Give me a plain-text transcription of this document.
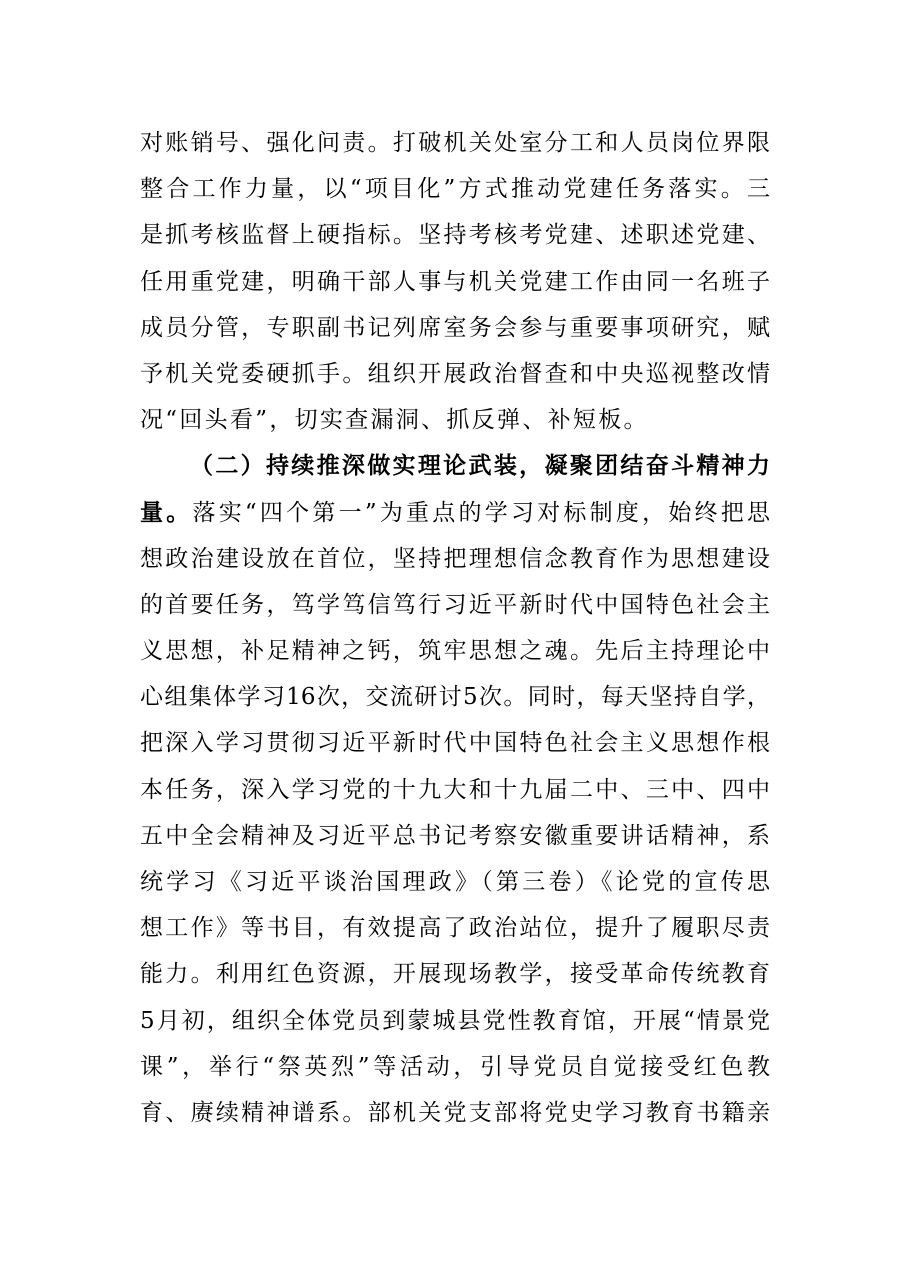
对账销号、强化问责。打破机关处室分工和人员岗位界限
整合工作力量，以“项目化”方式推动党建任务落实。三
是抓考核监督上硬指标。坚持考核考党建、述职述党建、
任用重党建，明确干部人事与机关党建工作由同一名班子
成员分管，专职副书记列席室务会参与重要事项研究，赋
予机关党委硬抓手。组织开展政治督查和中央巡视整改情
况“回头看”，切实查漏洞、抓反弹、补短板。
（二）持续推深做实理论武装，凝聚团结奋斗精神力
量。落实“四个第一”为重点的学习对标制度，始终把思
想政治建设放在首位，坚持把理想信念教育作为思想建设
的首要任务，笃学笃信笃行习近平新时代中国特色社会主
义思想，补足精神之钙，筑牢思想之魂。先后主持理论中
心组集体学习16次，交流研讨5次。同时，每天坚持自学，
把深入学习贯彻习近平新时代中国特色社会主义思想作根
本任务，深入学习党的十九大和十九届二中、三中、四中
五中全会精神及习近平总书记考察安徽重要讲话精神，系
统学习《习近平谈治国理政》（第三卷）《论党的宣传思
想工作》等书目，有效提高了政治站位，提升了履职尽责
能力。利用红色资源，开展现场教学，接受革命传统教育
5月初，组织全体党员到蒙城县党性教育馆，开展“情景党
课”，举行“祭英烈”等活动，引导党员自觉接受红色教
育、赓续精神谱系。部机关党支部将党史学习教育书籍亲
